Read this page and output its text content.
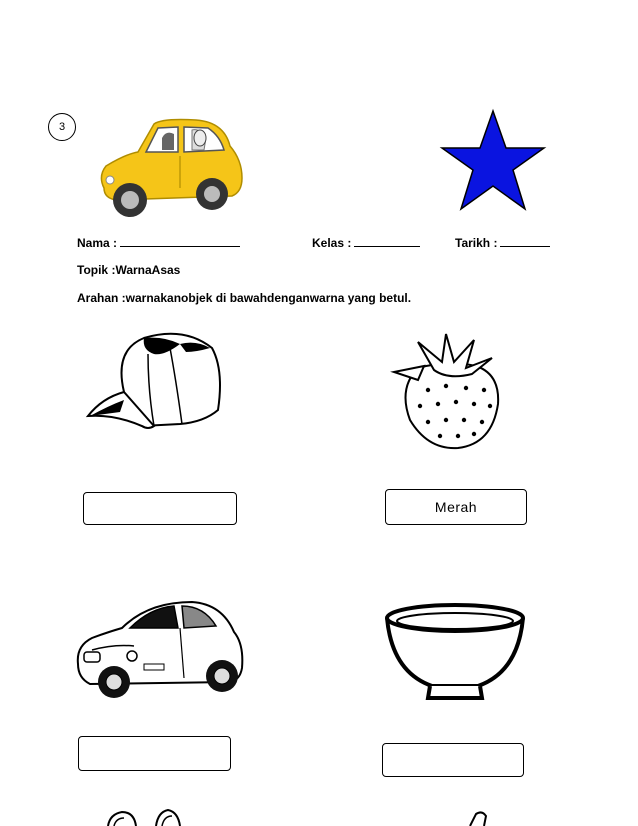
3
Nama :	Kelas :	Tarikh :
Topik :WarnaAsas
Arahan :warnakanobjek di bawahdenganwarna yang betul.
Merah
